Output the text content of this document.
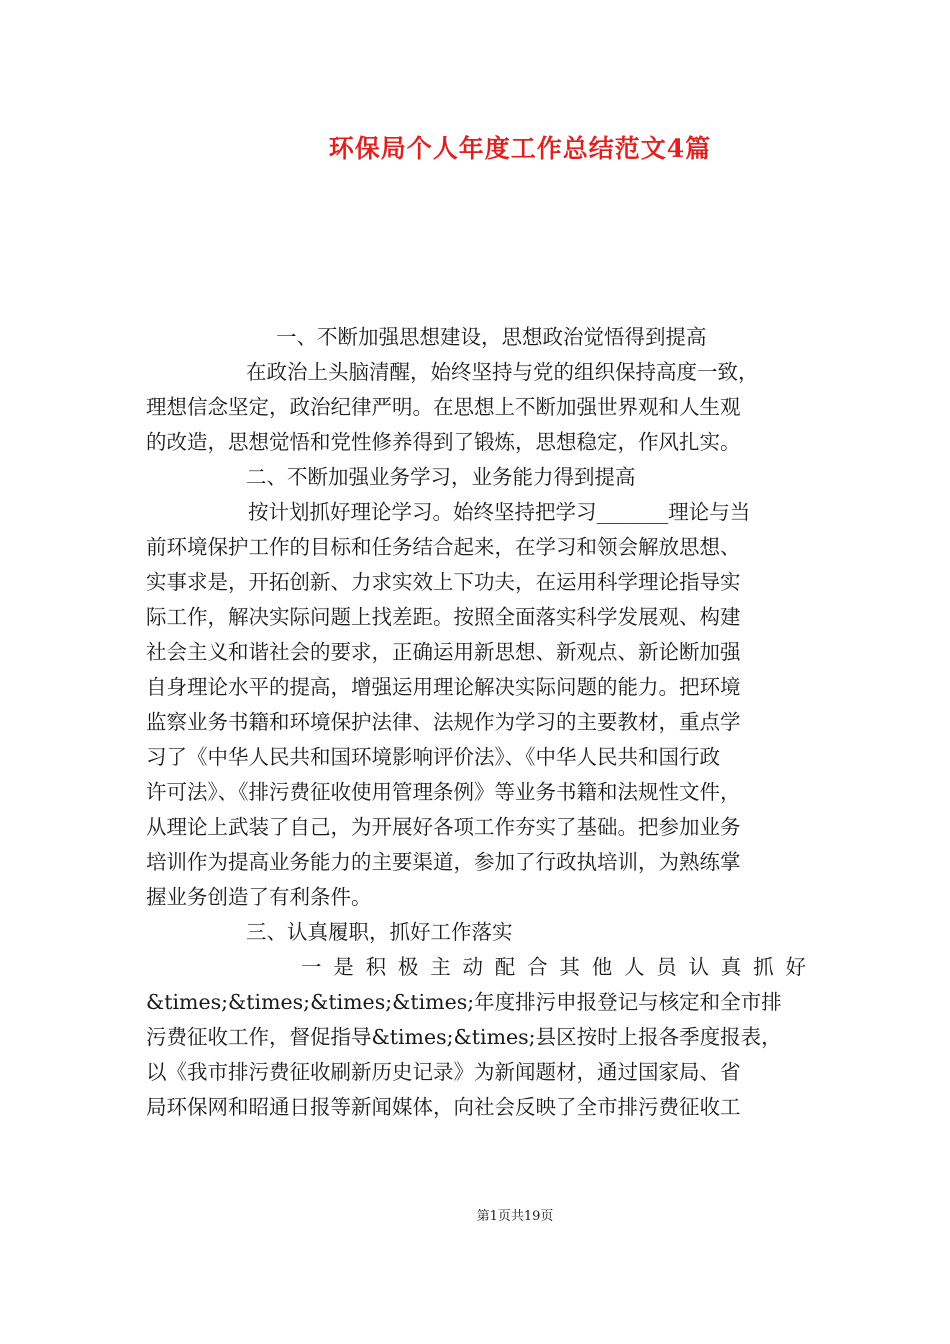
环保局个人年度工作总结范文4篇
一、不断加强思想建设，思想政治觉悟得到提高
在政治上头脑清醒，始终坚持与党的组织保持高度一致，
理想信念坚定，政治纪律严明。在思想上不断加强世界观和人生观
的改造，思想觉悟和党性修养得到了锻炼，思想稳定，作风扎实。
二、不断加强业务学习，业务能力得到提高
按计划抓好理论学习。始终坚持把学习_______理论与当
前环境保护工作的目标和任务结合起来，在学习和领会解放思想、
实事求是，开拓创新、力求实效上下功夫，在运用科学理论指导实
际工作，解决实际问题上找差距。按照全面落实科学发展观、构建
社会主义和谐社会的要求，正确运用新思想、新观点、新论断加强
自身理论水平的提高，增强运用理论解决实际问题的能力。把环境
监察业务书籍和环境保护法律、法规作为学习的主要教材，重点学
习了《中华人民共和国环境影响评价法》、《中华人民共和国行政
许可法》、《排污费征收使用管理条例》等业务书籍和法规性文件，
从理论上武装了自己，为开展好各项工作夯实了基础。把参加业务
培训作为提高业务能力的主要渠道，参加了行政执培训，为熟练掌
握业务创造了有利条件。
三、认真履职，抓好工作落实
一是积极主动配合其他人员认真抓好
&times;&times;&times;&times;年度排污申报登记与核定和全市排
污费征收工作，督促指导&times;&times;县区按时上报各季度报表，
以《我市排污费征收刷新历史记录》为新闻题材，通过国家局、省
局环保网和昭通日报等新闻媒体，向社会反映了全市排污费征收工
第1页共19页
